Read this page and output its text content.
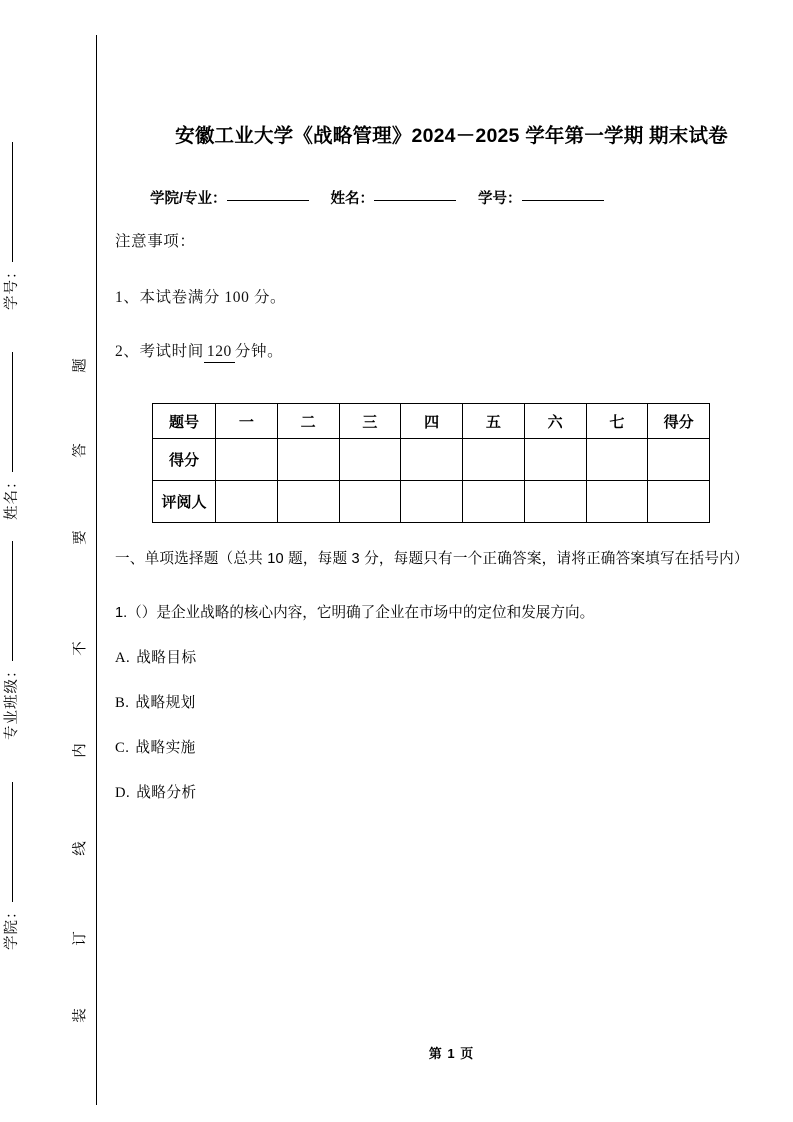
学号：
姓名：
专业班级：
学院：
题
答
要
不
内
线
订
装
安徽工业大学《战略管理》2024－2025 学年第一学期 期末试卷
学院/专业：	姓名：	学号：
注意事项：
1、本试卷满分 100 分。
2、考试时间 120 分钟。
题号	一	二	三	四	五	六	七	得分
得分								
评阅人								
一、单项选择题（总共 10 题，每题 3 分，每题只有一个正确答案，请将正确答案填写在括号内）
1.（）是企业战略的核心内容，它明确了企业在市场中的定位和发展方向。
A. 战略目标
B. 战略规划
C. 战略实施
D. 战略分析
第 1 页
